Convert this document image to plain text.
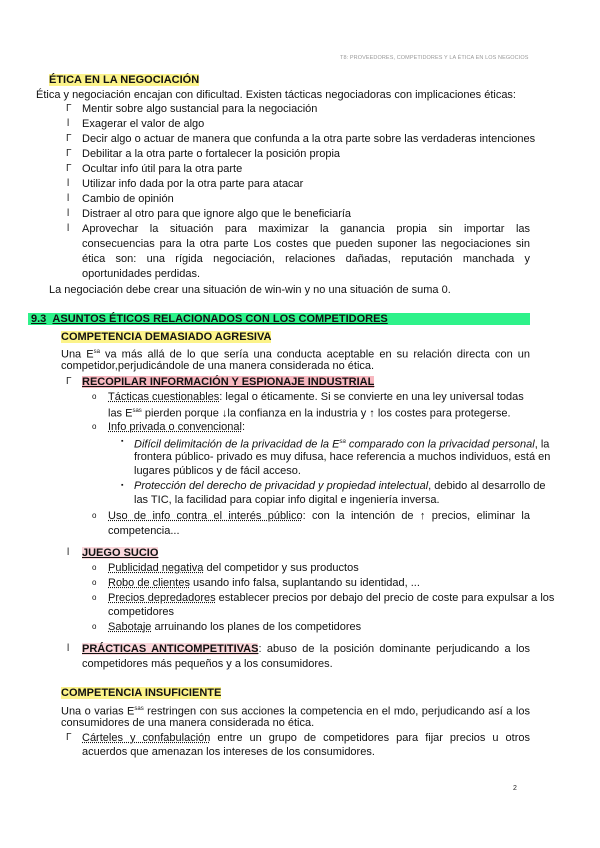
T8: PROVEEDORES, COMPETIDORES Y LA ÉTICA EN LOS NEGOCIOS
ÉTICA EN LA NEGOCIACIÓN
Ética y negociación encajan con dificultad. Existen tácticas negociadoras con implicaciones éticas:
Γ Mentir sobre algo sustancial para la negociación
l Exagerar el valor de algo
Γ Decir algo o actuar de manera que confunda a la otra parte sobre las verdaderas intenciones
Γ Debilitar a la otra parte o fortalecer la posición propia
Γ Ocultar info útil para la otra parte
l Utilizar info dada por la otra parte para atacar
l Cambio de opinión
l Distraer al otro para que ignore algo que le beneficiaría
l Aprovechar la situación para maximizar la ganancia propia sin importar las
consecuencias para la otra parte Los costes que pueden suponer las negociaciones sin
ética son: una rígida negociación, relaciones dañadas, reputación manchada y
oportunidades perdidas.
La negociación debe crear una situación de win-win y no una situación de suma 0.
9.3 ASUNTOS ÉTICOS RELACIONADOS CON LOS COMPETIDORES
COMPETENCIA DEMASIADO AGRESIVA
Una $E^{sa}$ va más allá de lo que sería una conducta aceptable en su relación directa con un
competidor,perjudicándole de una manera considerada no ética.
Γ RECOPILAR INFORMACIÓN Y ESPIONAJE INDUSTRIAL
o Tácticas cuestionables: legal o éticamente. Si se convierte en una ley universal todas
las $E^{sas}$ pierden porque ↓la confianza en la industria y ↑ los costes para protegerse.
o Info privada o convencional:
▪ Difícil delimitación de la privacidad de la $E^{sa}$ comparado con la privacidad personal, la
frontera público- privado es muy difusa, hace referencia a muchos individuos, está en
lugares públicos y de fácil acceso.
▪ Protección del derecho de privacidad y propiedad intelectual, debido al desarrollo de
las TIC, la facilidad para copiar info digital e ingeniería inversa.
o Uso de info contra el interés público: con la intención de ↑ precios, eliminar la
competencia...
l JUEGO SUCIO
o Publicidad negativa del competidor y sus productos
o Robo de clientes usando info falsa, suplantando su identidad, ...
o Precios depredadores establecer precios por debajo del precio de coste para expulsar a los
competidores
o Sabotaje arruinando los planes de los competidores
l PRÁCTICAS ANTICOMPETITIVAS: abuso de la posición dominante perjudicando a los
competidores más pequeños y a los consumidores.
COMPETENCIA INSUFICIENTE
Una o varias $E^{sas}$ restringen con sus acciones la competencia en el mdo, perjudicando así a los
consumidores de una manera considerada no ética.
Γ Cárteles y confabulación entre un grupo de competidores para fijar precios u otros
acuerdos que amenazan los intereses de los consumidores.
2
